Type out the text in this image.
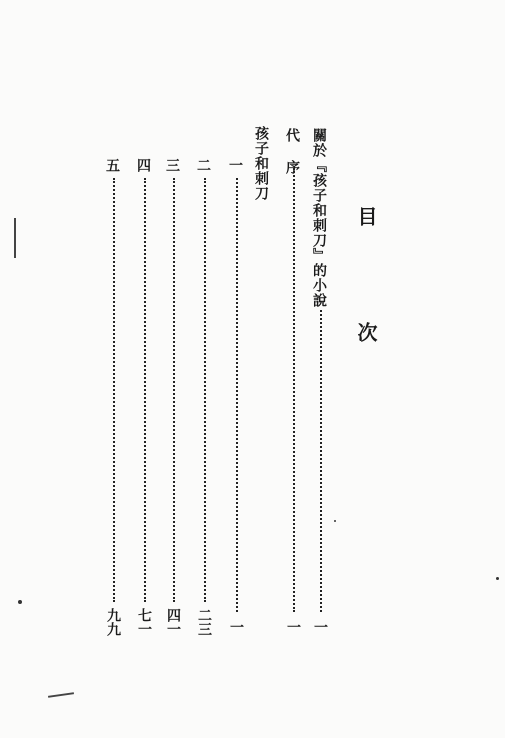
目 次
關於『孩子和刺刀』的小說
一
代 序
一
孩子和刺刀
一
一
二
二三
三
四一
四
七一
五
九九
